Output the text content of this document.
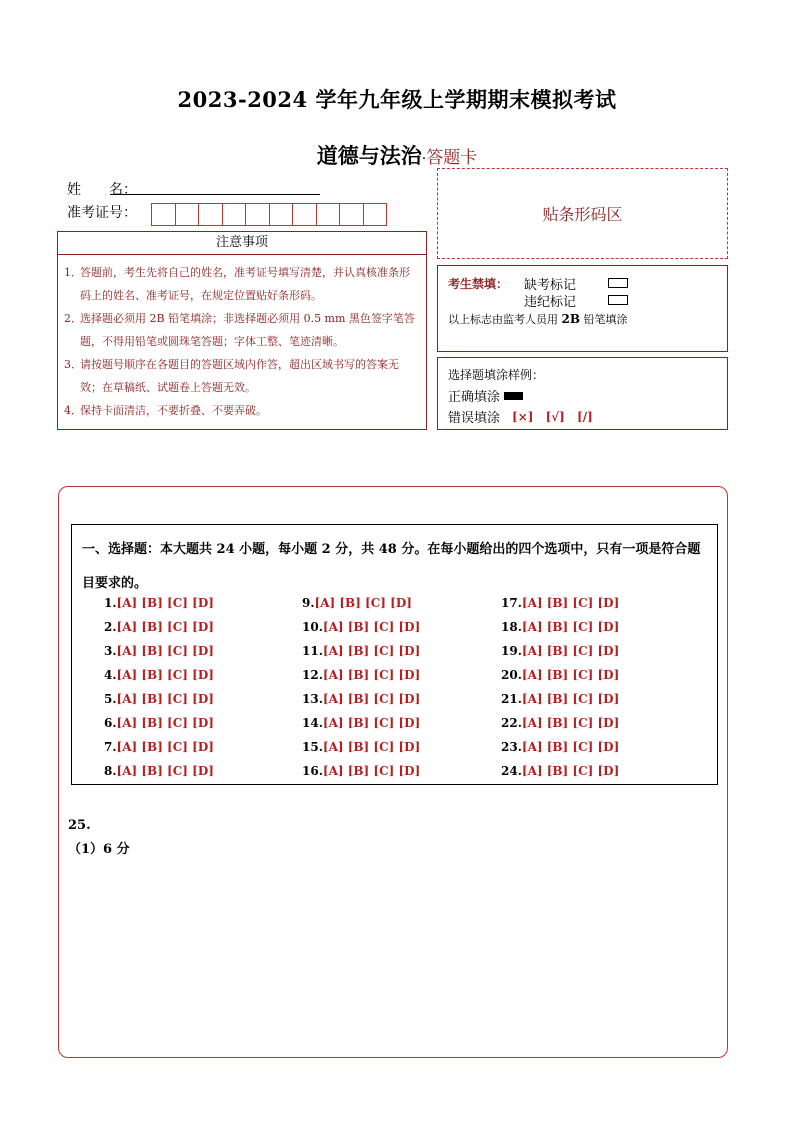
2023-2024 学年九年级上学期期末模拟考试
道德与法治·答题卡
姓　　名：
准考证号：	贴条形码区
注意事项
1．
答题前，考生先将自己的姓名，准考证号填写清楚，并认真核准条形码上的姓名、准考证号，在规定位置贴好条形码。
2．
选择题必须用 2B 铅笔填涂；非选择题必须用 0.5 mm 黑色签字笔答题，不得用铅笔或圆珠笔答题；字体工整、笔迹清晰。
3．
请按题号顺序在各题目的答题区域内作答，超出区域书写的答案无效；在草稿纸、试题卷上答题无效。
4．
保持卡面清洁，不要折叠、不要弄破。
考生禁填： 缺考标记
违纪标记
以上标志由监考人员用 2B 铅笔填涂
选择题填涂样例：
正确填涂
错误填涂 [×] [√] [/]
一、选择题：本大题共 24 小题，每小题 2 分，共 48 分。在每小题给出的四个选项中，只有一项是符合题目要求的。
1.[A] [B] [C] [D]
2.[A] [B] [C] [D]
3.[A] [B] [C] [D]
4.[A] [B] [C] [D]
5.[A] [B] [C] [D]
6.[A] [B] [C] [D]
7.[A] [B] [C] [D]
8.[A] [B] [C] [D]
9.[A] [B] [C] [D]
10.[A] [B] [C] [D]
11.[A] [B] [C] [D]
12.[A] [B] [C] [D]
13.[A] [B] [C] [D]
14.[A] [B] [C] [D]
15.[A] [B] [C] [D]
16.[A] [B] [C] [D]
17.[A] [B] [C] [D]
18.[A] [B] [C] [D]
19.[A] [B] [C] [D]
20.[A] [B] [C] [D]
21.[A] [B] [C] [D]
22.[A] [B] [C] [D]
23.[A] [B] [C] [D]
24.[A] [B] [C] [D]
25.
（1）6 分
